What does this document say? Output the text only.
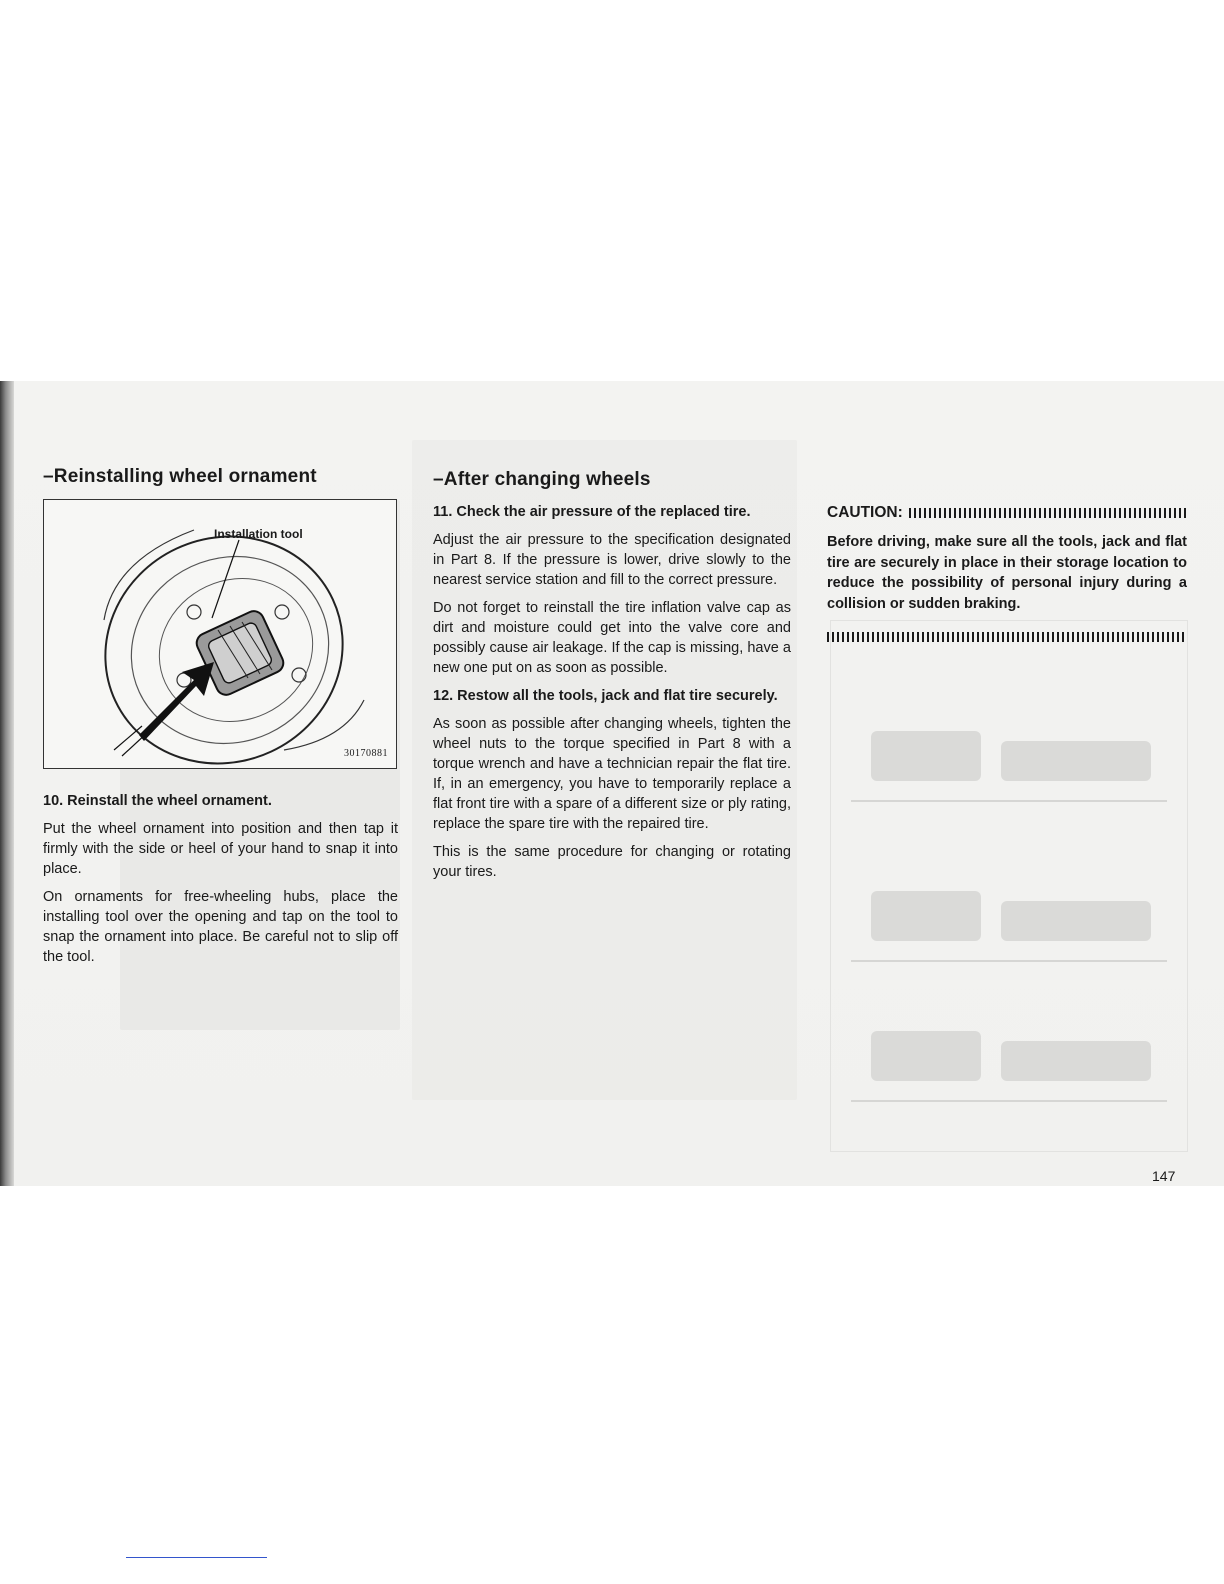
–Reinstalling wheel ornament
Installation tool
30170881
10. Reinstall the wheel ornament.

Put the wheel ornament into position and then tap it firmly with the side or heel of your hand to snap it into place.

On ornaments for free-wheeling hubs, place the installing tool over the opening and tap on the tool to snap the ornament into place. Be careful not to slip off the tool.

–After changing wheels
11. Check the air pressure of the replaced tire.

Adjust the air pressure to the specification designated in Part 8. If the pressure is lower, drive slowly to the nearest service station and fill to the correct pressure.

Do not forget to reinstall the tire inflation valve cap as dirt and moisture could get into the valve core and possibly cause air leakage. If the cap is missing, have a new one put on as soon as possible.

12. Restow all the tools, jack and flat tire securely.

As soon as possible after changing wheels, tighten the wheel nuts to the torque specified in Part 8 with a torque wrench and have a technician repair the flat tire. If, in an emergency, you have to temporarily replace a flat front tire with a spare of a different size or ply rating, replace the spare tire with the repaired tire.

This is the same procedure for changing or rotating your tires.

CAUTION:
Before driving, make sure all the tools, jack and flat tire are securely in place in their storage location to reduce the possibility of personal injury during a collision or sudden braking.
147
